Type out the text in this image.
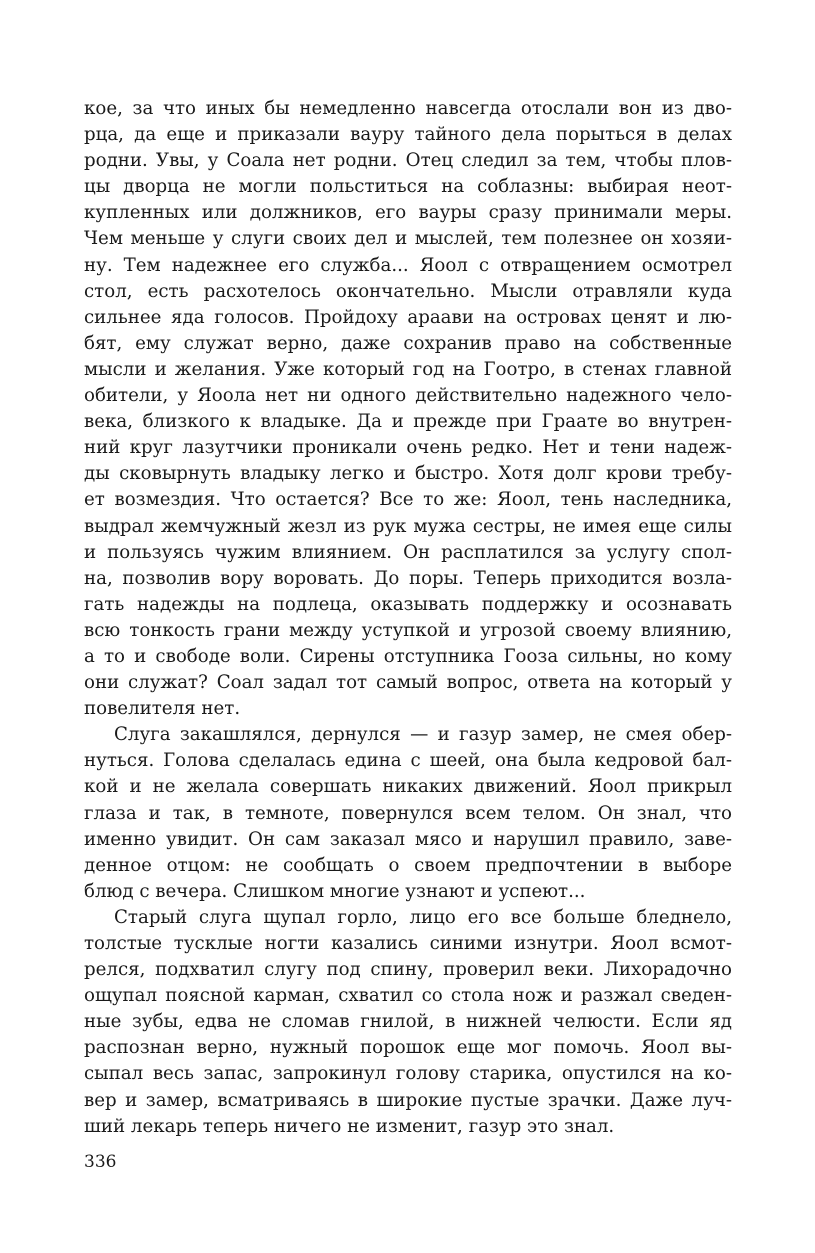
кое, за что иных бы немедленно навсегда отослали вон из дво-
рца, да еще и приказали вауру тайного дела порыться в делах
родни. Увы, у Соала нет родни. Отец следил за тем, чтобы плов-
цы дворца не могли польститься на соблазны: выбирая неот-
купленных или должников, его вауры сразу принимали меры.
Чем меньше у слуги своих дел и мыслей, тем полезнее он хозяи-
ну. Тем надежнее его служба... Яоол с отвращением осмотрел
стол, есть расхотелось окончательно. Мысли отравляли куда
сильнее яда голосов. Пройдоху араави на островах ценят и лю-
бят, ему служат верно, даже сохранив право на собственные
мысли и желания. Уже который год на Гоотро, в стенах главной
обители, у Яоола нет ни одного действительно надежного чело-
века, близкого к владыке. Да и прежде при Граате во внутрен-
ний круг лазутчики проникали очень редко. Нет и тени надеж-
ды сковырнуть владыку легко и быстро. Хотя долг крови требу-
ет возмездия. Что остается? Все то же: Яоол, тень наследника,
выдрал жемчужный жезл из рук мужа сестры, не имея еще силы
и пользуясь чужим влиянием. Он расплатился за услугу спол-
на, позволив вору воровать. До поры. Теперь приходится возла-
гать надежды на подлеца, оказывать поддержку и осознавать
всю тонкость грани между уступкой и угрозой своему влиянию,
а то и свободе воли. Сирены отступника Гооза сильны, но кому
они служат? Соал задал тот самый вопрос, ответа на который у
повелителя нет.
Слуга закашлялся, дернулся — и газур замер, не смея обер-
нуться. Голова сделалась едина с шеей, она была кедровой бал-
кой и не желала совершать никаких движений. Яоол прикрыл
глаза и так, в темноте, повернулся всем телом. Он знал, что
именно увидит. Он сам заказал мясо и нарушил правило, заве-
денное отцом: не сообщать о своем предпочтении в выборе
блюд с вечера. Слишком многие узнают и успеют...
Старый слуга щупал горло, лицо его все больше бледнело,
толстые тусклые ногти казались синими изнутри. Яоол всмот-
релся, подхватил слугу под спину, проверил веки. Лихорадочно
ощупал поясной карман, схватил со стола нож и разжал сведен-
ные зубы, едва не сломав гнилой, в нижней челюсти. Если яд
распознан верно, нужный порошок еще мог помочь. Яоол вы-
сыпал весь запас, запрокинул голову старика, опустился на ко-
вер и замер, всматриваясь в широкие пустые зрачки. Даже луч-
ший лекарь теперь ничего не изменит, газур это знал.
336
